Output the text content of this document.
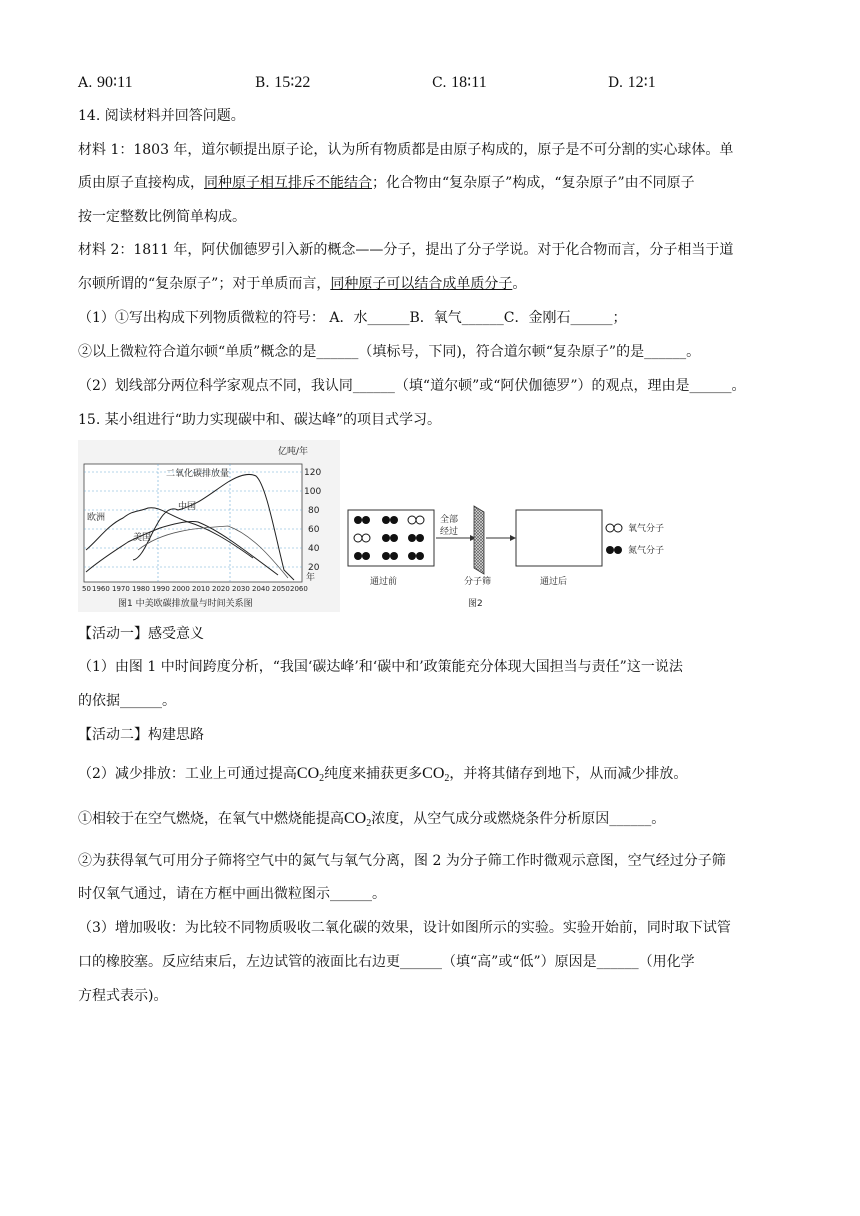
A. 90∶11	B. 15∶22	C. 18∶11	D. 12∶1
14. 阅读材料并回答问题。
材料 1：1803 年，道尔顿提出原子论，认为所有物质都是由原子构成的，原子是不可分割的实心球体。单
质由原子直接构成，同种原子相互排斥不能结合；化合物由“复杂原子”构成，“复杂原子”由不同原子
按一定整数比例简单构成。
材料 2：1811 年，阿伏伽德罗引入新的概念——分子，提出了分子学说。对于化合物而言，分子相当于道
尔顿所谓的“复杂原子”；对于单质而言，同种原子可以结合成单质分子。
（1）①写出构成下列物质微粒的符号： A．水______B．氧气______C．金刚石______；
②以上微粒符合道尔顿“单质”概念的是______（填标号，下同)，符合道尔顿“复杂原子”的是______。
（2）划线部分两位科学家观点不同，我认同______（填“道尔顿”或“阿伏伽德罗”）的观点，理由是______。
15. 某小组进行“助力实现碳中和、碳达峰”的项目式学习。
二氧化碳排放量
中国
欧洲
美国
亿吨/年
120
100
80
60
40
20
年
50 1960 1970 1980 1990 2000 2010 2020 2030 2040 2050 2060
图1 中美欧碳排放量与时间关系图
通过前
全部
经过
分子筛	通过后
氧气分子
氮气分子
图2
【活动一】感受意义
（1）由图 1 中时间跨度分析，“我国‘碳达峰’和‘碳中和’政策能充分体现大国担当与责任”这一说法
的依据______。
【活动二】构建思路
（2）减少排放：工业上可通过提高$CO_2$纯度来捕获更多$CO_2$，并将其储存到地下，从而减少排放。
①相较于在空气燃烧，在氧气中燃烧能提高$CO_2$浓度，从空气成分或燃烧条件分析原因______。
②为获得氧气可用分子筛将空气中的氮气与氧气分离，图 2 为分子筛工作时微观示意图，空气经过分子筛
时仅氧气通过，请在方框中画出微粒图示______。
（3）增加吸收：为比较不同物质吸收二氧化碳的效果，设计如图所示的实验。实验开始前，同时取下试管
口的橡胶塞。反应结束后，左边试管的液面比右边更______（填“高”或“低”）原因是______（用化学
方程式表示)。
